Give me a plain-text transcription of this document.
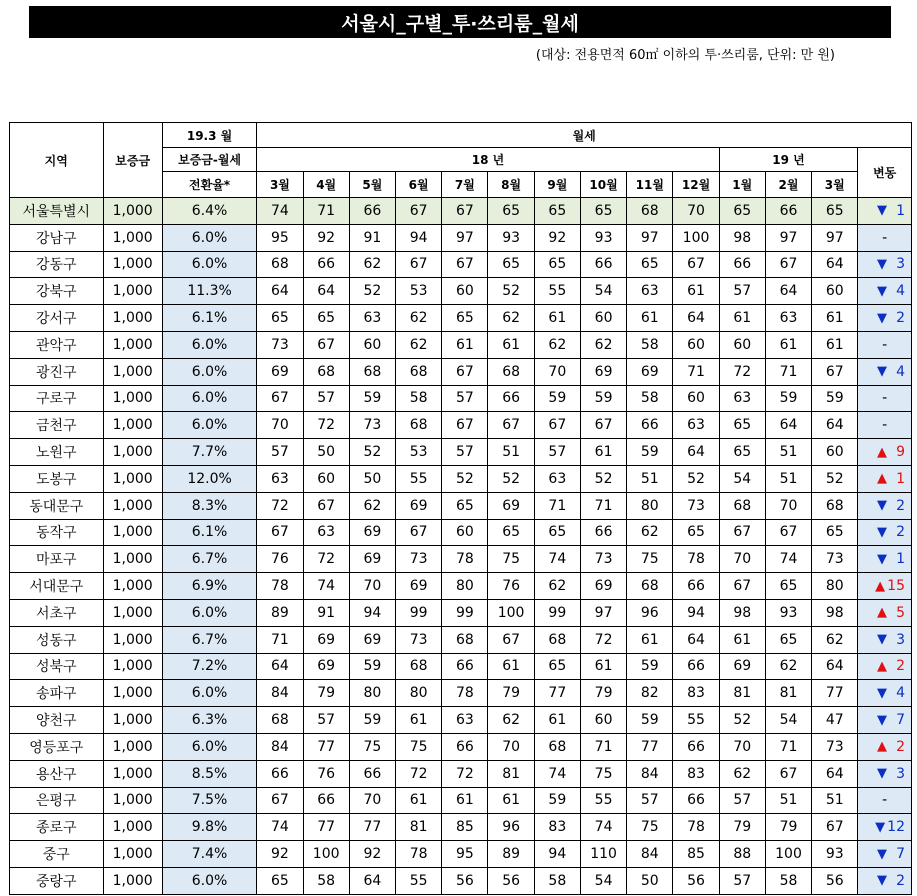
서울시_구별_투·쓰리룸_월세
(대상: 전용면적 60㎡ 이하의 투·쓰리룸, 단위: 만 원)
지역	보증금	19.3 월	월세													
		보증금-월세	18 년										19 년			변동
		전환율*	3월	4월	5월	6월	7월	8월	9월	10월	11월	12월	1월	2월	3월	
서울특별시	1,000	6.4%	74	71	66	67	67	65	65	65	68	70	65	66	65	▼ 1

강남구	1,000	6.0%	95	92	91	94	97	93	92	93	97	100	98	97	97	-

강동구	1,000	6.0%	68	66	62	67	67	65	65	66	65	67	66	67	64	▼ 3

강북구	1,000	11.3%	64	64	52	53	60	52	55	54	63	61	57	64	60	▼ 4

강서구	1,000	6.1%	65	65	63	62	65	62	61	60	61	64	61	63	61	▼ 2

관악구	1,000	6.0%	73	67	60	62	61	61	62	62	58	60	60	61	61	-

광진구	1,000	6.0%	69	68	68	68	67	68	70	69	69	71	72	71	67	▼ 4

구로구	1,000	6.0%	67	57	59	58	57	66	59	59	58	60	63	59	59	-

금천구	1,000	6.0%	70	72	73	68	67	67	67	67	66	63	65	64	64	-

노원구	1,000	7.7%	57	50	52	53	57	51	57	61	59	64	65	51	60	▲ 9

도봉구	1,000	12.0%	63	60	50	55	52	52	63	52	51	52	54	51	52	▲ 1

동대문구	1,000	8.3%	72	67	62	69	65	69	71	71	80	73	68	70	68	▼ 2

동작구	1,000	6.1%	67	63	69	67	60	65	65	66	62	65	67	67	65	▼ 2

마포구	1,000	6.7%	76	72	69	73	78	75	74	73	75	78	70	74	73	▼ 1

서대문구	1,000	6.9%	78	74	70	69	80	76	62	69	68	66	67	65	80	▲ 15

서초구	1,000	6.0%	89	91	94	99	99	100	99	97	96	94	98	93	98	▲ 5

성동구	1,000	6.7%	71	69	69	73	68	67	68	72	61	64	61	65	62	▼ 3

성북구	1,000	7.2%	64	69	59	68	66	61	65	61	59	66	69	62	64	▲ 2

송파구	1,000	6.0%	84	79	80	80	78	79	77	79	82	83	81	81	77	▼ 4

양천구	1,000	6.3%	68	57	59	61	63	62	61	60	59	55	52	54	47	▼ 7

영등포구	1,000	6.0%	84	77	75	75	66	70	68	71	77	66	70	71	73	▲ 2

용산구	1,000	8.5%	66	76	66	72	72	81	74	75	84	83	62	67	64	▼ 3

은평구	1,000	7.5%	67	66	70	61	61	61	59	55	57	66	57	51	51	-

종로구	1,000	9.8%	74	77	77	81	85	96	83	74	75	78	79	79	67	▼ 12

중구	1,000	7.4%	92	100	92	78	95	89	94	110	84	85	88	100	93	▼ 7

중랑구	1,000	6.0%	65	58	64	55	56	56	58	54	50	56	57	58	56	▼ 2
